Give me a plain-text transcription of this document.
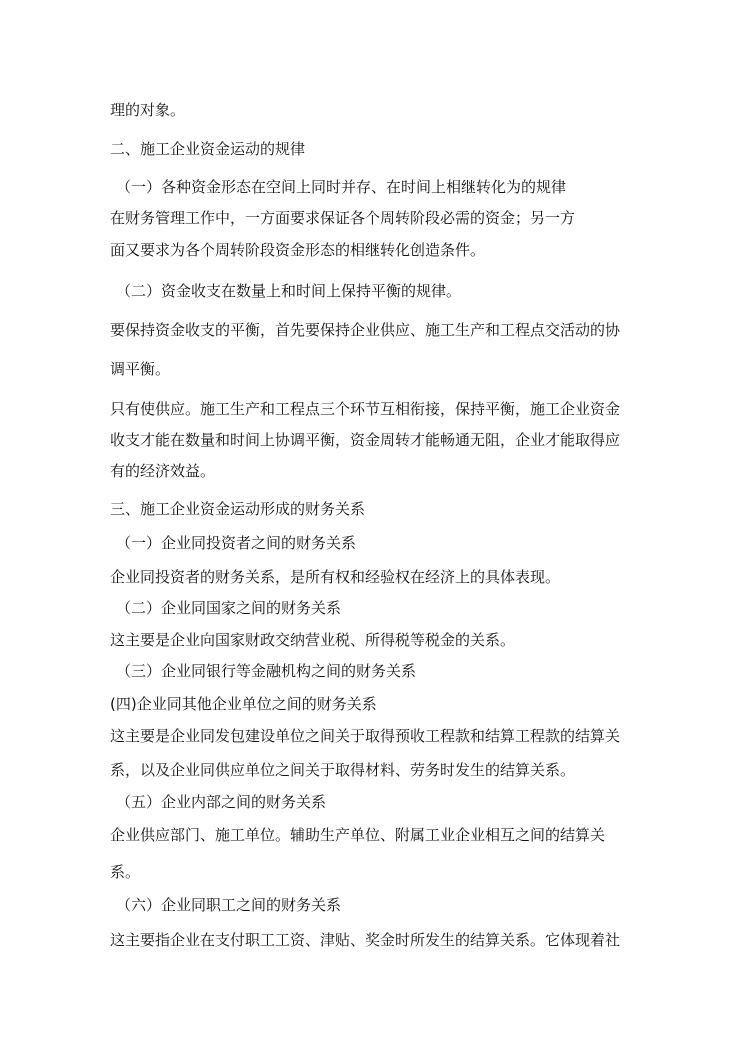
理的对象。
二、施工企业资金运动的规律
（一）各种资金形态在空间上同时并存、在时间上相继转化为的规律
在财务管理工作中，一方面要求保证各个周转阶段必需的资金；另一方
面又要求为各个周转阶段资金形态的相继转化创造条件。
（二）资金收支在数量上和时间上保持平衡的规律。
要保持资金收支的平衡，首先要保持企业供应、施工生产和工程点交活动的协
调平衡。
只有使供应。施工生产和工程点三个环节互相衔接，保持平衡，施工企业资金
收支才能在数量和时间上协调平衡，资金周转才能畅通无阻，企业才能取得应
有的经济效益。
三、施工企业资金运动形成的财务关系
（一）企业同投资者之间的财务关系
企业同投资者的财务关系，是所有权和经验权在经济上的具体表现。
（二）企业同国家之间的财务关系
这主要是企业向国家财政交纳营业税、所得税等税金的关系。
（三）企业同银行等金融机构之间的财务关系
(四)企业同其他企业单位之间的财务关系
这主要是企业同发包建设单位之间关于取得预收工程款和结算工程款的结算关
系，以及企业同供应单位之间关于取得材料、劳务时发生的结算关系。
（五）企业内部之间的财务关系
企业供应部门、施工单位。辅助生产单位、附属工业企业相互之间的结算关
系。
（六）企业同职工之间的财务关系
这主要指企业在支付职工工资、津贴、奖金时所发生的结算关系。它体现着社
